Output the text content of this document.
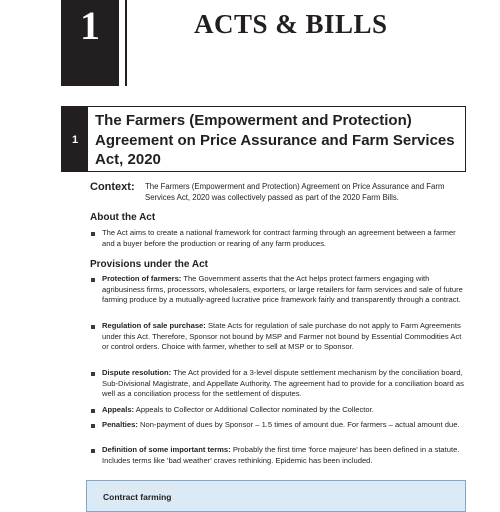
1	ACTS & BILLS
1
The Farmers (Empowerment and Protection) Agreement on Price Assurance and Farm Services Act, 2020
Context: The Farmers (Empowerment and Protection) Agreement on Price Assurance and Farm Services Act, 2020 was collectively passed as part of the 2020 Farm Bills.
About the Act
The Act aims to create a national framework for contract farming through an agreement between a farmer and a buyer before the production or rearing of any farm produces.
Provisions under the Act
Protection of farmers: The Government asserts that the Act helps protect farmers engaging with agribusiness firms, processors, wholesalers, exporters, or large retailers for farm services and sale of future farming produce by a mutually-agreed lucrative price framework fairly and transparently through a contract.
Regulation of sale purchase: State Acts for regulation of sale purchase do not apply to Farm Agreements under this Act. Therefore, Sponsor not bound by MSP and Farmer not bound by Essential Commodities Act or control orders. Choice with farmer, whether to sell at MSP or to Sponsor.
Dispute resolution: The Act provided for a 3-level dispute settlement mechanism by the conciliation board, Sub-Divisional Magistrate, and Appellate Authority. The agreement had to provide for a conciliation board as well as a conciliation process for the settlement of disputes.
Appeals: Appeals to Collector or Additional Collector nominated by the Collector.
Penalties: Non-payment of dues by Sponsor – 1.5 times of amount due. For farmers – actual amount due.
Definition of some important terms: Probably the first time 'force majeure' has been defined in a statute. Includes terms like 'bad weather' craves rethinking. Epidemic has been included.
Contract farming
